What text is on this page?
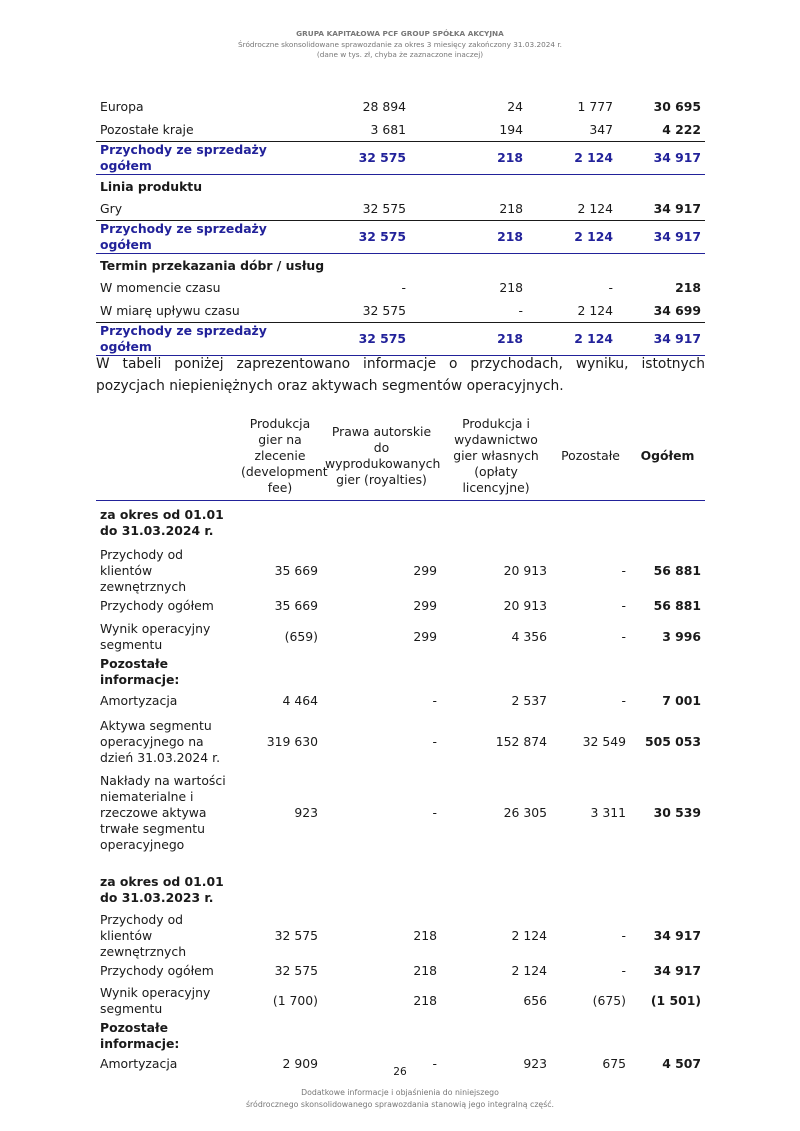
GRUPA KAPITAŁOWA PCF GROUP SPÓŁKA AKCYJNA
Śródroczne skonsolidowane sprawozdanie za okres 3 miesięcy zakończony 31.03.2024 r.
(dane w tys. zł, chyba że zaznaczone inaczej)
Europa	28 894	24	1 777	30 695
Pozostałe kraje	3 681	194	347	4 222
Przychody ze sprzedaży ogółem	32 575	218	2 124	34 917
Linia produktu				
Gry	32 575	218	2 124	34 917
Przychody ze sprzedaży ogółem	32 575	218	2 124	34 917
Termin przekazania dóbr / usług				
W momencie czasu	-	218	-	218
W miarę upływu czasu	32 575	-	2 124	34 699
Przychody ze sprzedaży ogółem	32 575	218	2 124	34 917
W tabeli poniżej zaprezentowano informacje o przychodach, wyniku, istotnych pozycjach niepieniężnych oraz aktywach segmentów operacyjnych.
	Produkcja gier na zlecenie (development fee)	Prawa autorskie do wyprodukowanych gier (royalties)	Produkcja i wydawnictwo gier własnych (opłaty licencyjne)	Pozostałe	Ogółem

za okres od 01.01 do 31.03.2024 r.					

Przychody od klientów zewnętrznych	35 669	299	20 913	-	56 881
Przychody ogółem	35 669	299	20 913	-	56 881
Wynik operacyjny segmentu	(659)	299	4 356	-	3 996

Pozostałe informacje:					

Amortyzacja	4 464	-	2 537	-	7 001
Aktywa segmentu operacyjnego na dzień 31.03.2024 r.	319 630	-	152 874	32 549	505 053
Nakłady na wartości niematerialne i rzeczowe aktywa trwałe segmentu operacyjnego	923	-	26 305	3 311	30 539

za okres od 01.01 do 31.03.2023 r.					

Przychody od klientów zewnętrznych	32 575	218	2 124	-	34 917
Przychody ogółem	32 575	218	2 124	-	34 917
Wynik operacyjny segmentu	(1 700)	218	656	(675)	(1 501)

Pozostałe informacje:					

Amortyzacja	2 909	-	923	675	4 507
26
Dodatkowe informacje i objaśnienia do niniejszego
śródrocznego skonsolidowanego sprawozdania stanowią jego integralną część.
